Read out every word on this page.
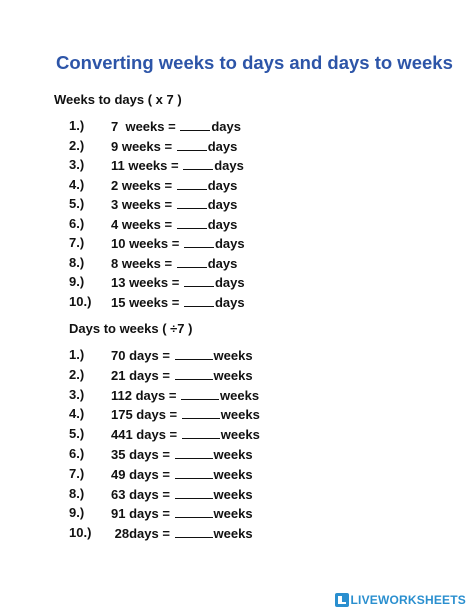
Converting weeks to days and days to weeks
Weeks to days ( x 7 )
1.) 7  weeks =	days
2.) 9 weeks =	days
3.) 11 weeks =	days
4.) 2 weeks =	days
5.) 3 weeks =	days
6.) 4 weeks =	days
7.) 10 weeks =	days
8.) 8 weeks =	days
9.) 13 weeks =	days
10.) 15 weeks =	days
Days to weeks ( ÷7 )
1.) 70 days =	weeks
2.) 21 days =	weeks
3.) 112 days =	weeks
4.) 175 days =	weeks
5.) 441 days =	weeks
6.) 35 days =	weeks
7.) 49 days =	weeks
8.) 63 days =	weeks
9.) 91 days =	weeks
10.) 28days =	weeks
LIVEWORKSHEETS
